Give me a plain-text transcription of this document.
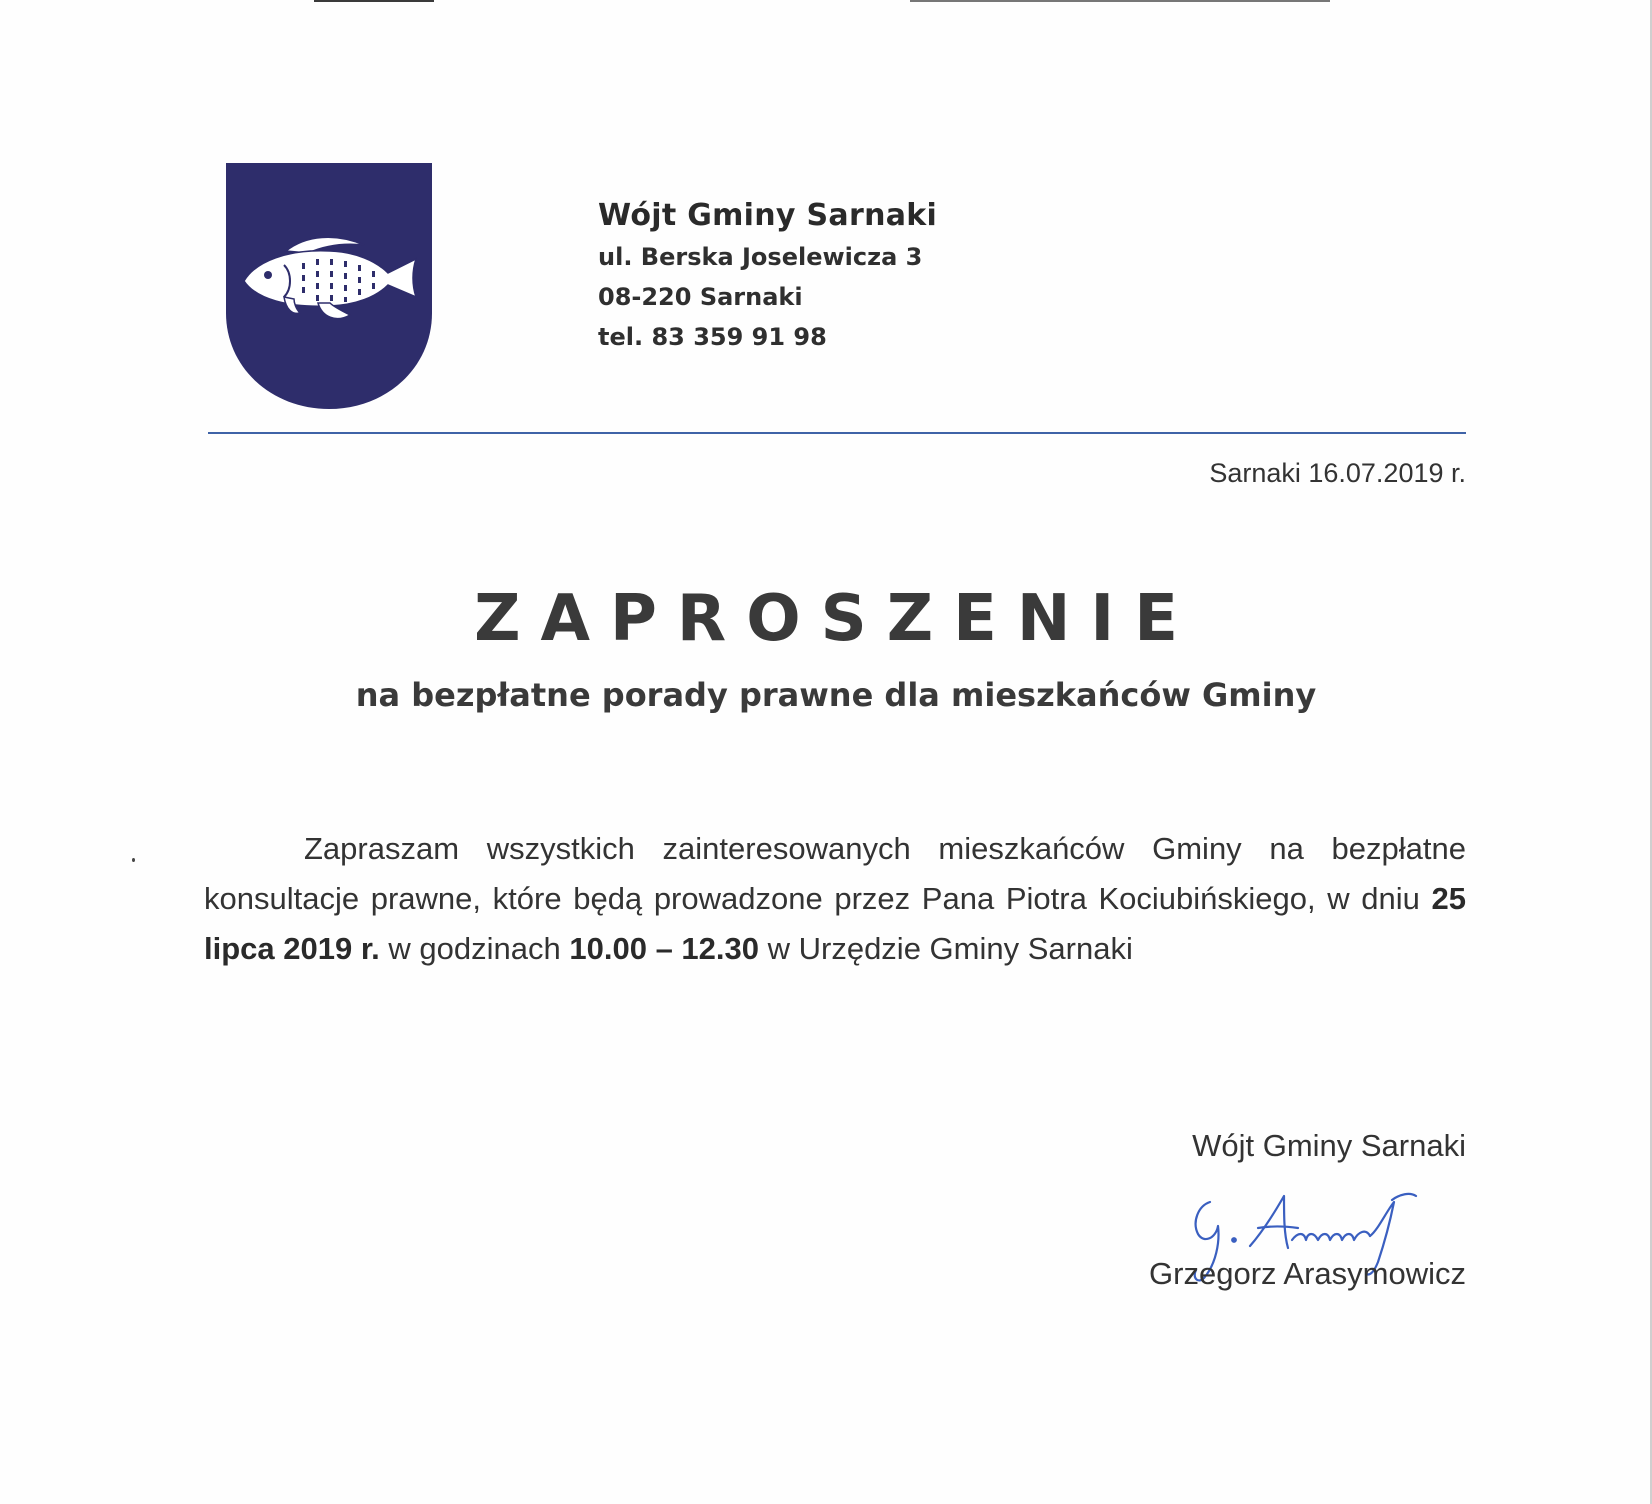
Wójt Gminy Sarnaki
ul. Berska Joselewicza 3
08-220 Sarnaki
tel. 83 359 91 98
Sarnaki 16.07.2019 r.
ZAPROSZENIE
na bezpłatne porady prawne dla mieszkańców Gminy
Zapraszam wszystkich zainteresowanych mieszkańców Gminy na bezpłatne konsultacje prawne, które będą prowadzone przez Pana Piotra Kociubińskiego, w dniu 25 lipca 2019 r. w godzinach 10.00 – 12.30 w Urzędzie Gminy Sarnaki
Wójt Gminy Sarnaki
Grzegorz Arasymowicz
